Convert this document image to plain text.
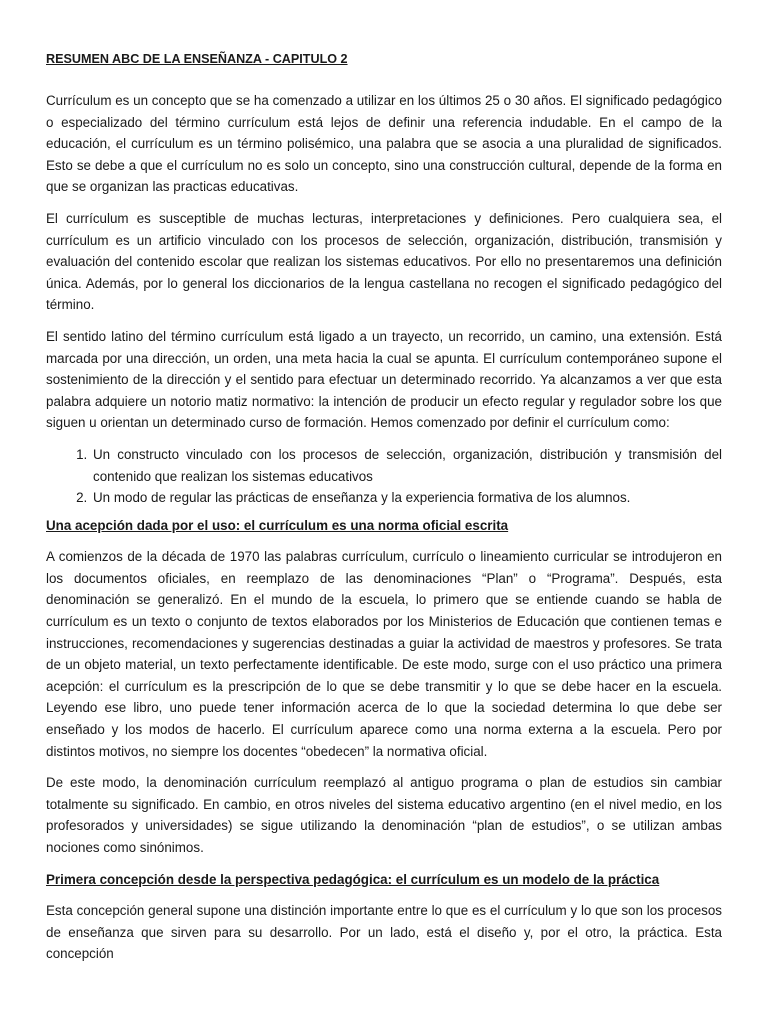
RESUMEN ABC DE LA ENSEÑANZA - CAPITULO 2

Currículum es un concepto que se ha comenzado a utilizar en los últimos 25 o 30 años. El significado pedagógico o especializado del término currículum está lejos de definir una referencia indudable. En el campo de la educación, el currículum es un término polisémico, una palabra que se asocia a una pluralidad de significados. Esto se debe a que el currículum no es solo un concepto, sino una construcción cultural, depende de la forma en que se organizan las practicas educativas.

El currículum es susceptible de muchas lecturas, interpretaciones y definiciones. Pero cualquiera sea, el currículum es un artificio vinculado con los procesos de selección, organización, distribución, transmisión y evaluación del contenido escolar que realizan los sistemas educativos. Por ello no presentaremos una definición única. Además, por lo general los diccionarios de la lengua castellana no recogen el significado pedagógico del término.

El sentido latino del término currículum está ligado a un trayecto, un recorrido, un camino, una extensión. Está marcada por una dirección, un orden, una meta hacia la cual se apunta. El currículum contemporáneo supone el sostenimiento de la dirección y el sentido para efectuar un determinado recorrido. Ya alcanzamos a ver que esta palabra adquiere un notorio matiz normativo: la intención de producir un efecto regular y regulador sobre los que siguen u orientan un determinado curso de formación. Hemos comenzado por definir el currículum como:

1. Un constructo vinculado con los procesos de selección, organización, distribución y transmisión del contenido que realizan los sistemas educativos
2. Un modo de regular las prácticas de enseñanza y la experiencia formativa de los alumnos.
Una acepción dada por el uso: el currículum es una norma oficial escrita

A comienzos de la década de 1970 las palabras currículum, currículo o lineamiento curricular se introdujeron en los documentos oficiales, en reemplazo de las denominaciones “Plan” o “Programa”. Después, esta denominación se generalizó. En el mundo de la escuela, lo primero que se entiende cuando se habla de currículum es un texto o conjunto de textos elaborados por los Ministerios de Educación que contienen temas e instrucciones, recomendaciones y sugerencias destinadas a guiar la actividad de maestros y profesores. Se trata de un objeto material, un texto perfectamente identificable. De este modo, surge con el uso práctico una primera acepción: el currículum es la prescripción de lo que se debe transmitir y lo que se debe hacer en la escuela. Leyendo ese libro, uno puede tener información acerca de lo que la sociedad determina lo que debe ser enseñado y los modos de hacerlo. El currículum aparece como una norma externa a la escuela. Pero por distintos motivos, no siempre los docentes “obedecen” la normativa oficial.

De este modo, la denominación currículum reemplazó al antiguo programa o plan de estudios sin cambiar totalmente su significado. En cambio, en otros niveles del sistema educativo argentino (en el nivel medio, en los profesorados y universidades) se sigue utilizando la denominación “plan de estudios”, o se utilizan ambas nociones como sinónimos.

Primera concepción desde la perspectiva pedagógica: el currículum es un modelo de la práctica

Esta concepción general supone una distinción importante entre lo que es el currículum y lo que son los procesos de enseñanza que sirven para su desarrollo. Por un lado, está el diseño y, por el otro, la práctica. Esta concepción
